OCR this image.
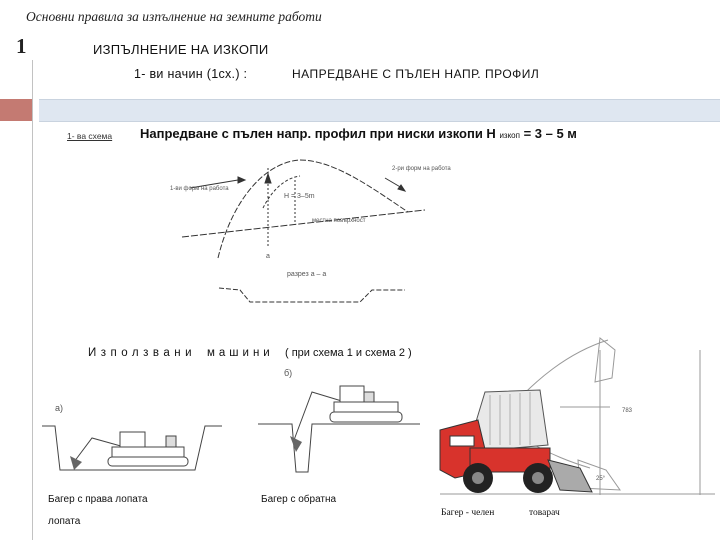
Основни правила за изпълнение на земните работи
1	ИЗПЪЛНЕНИЕ НА ИЗКОПИ
1- ви начин (1сх.) :	НАПРЕДВАНЕ С ПЪЛЕН НАПР. ПРОФИЛ
1- ва схема Напредване с пълен напр. профил при ниски изкопи Н изкоп = 3 – 5 м
1-ви форм на работа
2-ри форм на работа
H = 3–5m
местна повърхност
разрез а – а
a
Използвани машини ( при схема 1 и схема 2 )
а)
б)
783
25°
Багер с права лопата
лопата
Багер с обратна
Багер - челен	товарач
